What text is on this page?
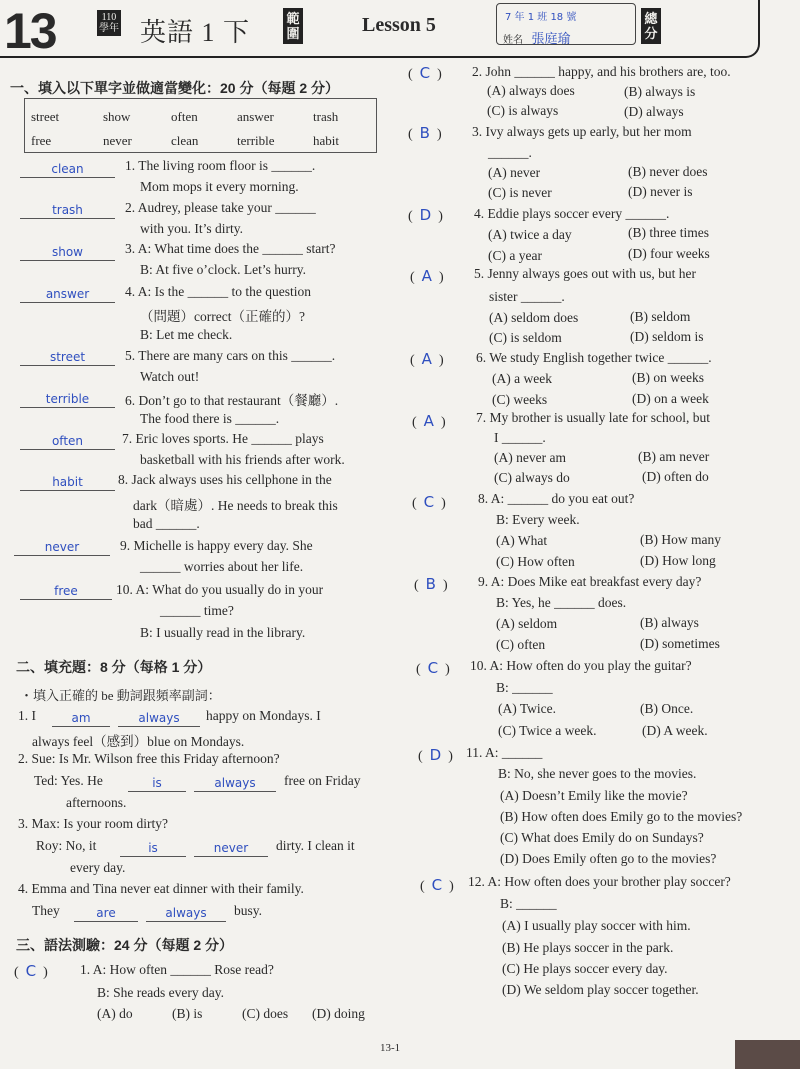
13	110學年 英語 1 下	範圍	Lesson 5	7 年 1 班 18 號
姓名 張庭瑜
總分
一、填入以下單字並做適當變化：20 分（每題 2 分）
street	show	often	answer	trash
free	never	clean	terrible	habit
clean	1. The living room floor is ______.
Mom mops it every morning.
trash	2. Audrey, please take your ______
with you. It’s dirty.
show	3. A: What time does the ______ start?
B: At five o’clock. Let’s hurry.
answer	4. A: Is the ______ to the question
（問題）correct（正確的）?
B: Let me check.
street	5. There are many cars on this ______.
Watch out!
terrible	6. Don’t go to that restaurant（餐廳）.
The food there is ______.
often	7. Eric loves sports. He ______ plays
basketball with his friends after work.
habit	8. Jack always uses his cellphone in the
dark（暗處）. He needs to break this
bad ______.
never	9. Michelle is happy every day. She
______ worries about her life.
free	10. A: What do you usually do in your
______ time?
B: I usually read in the library.
二、填充題：8 分（每格 1 分）
・填入正確的 be 動詞跟頻率副詞：
1. I	am	always	happy on Mondays. I
always feel（感到）blue on Mondays.
2. Sue: Is Mr. Wilson free this Friday afternoon?
Ted: Yes. He	is	always	free on Friday
afternoons.
3. Max: Is your room dirty?
Roy: No, it	is	never	dirty. I clean it
every day.
4. Emma and Tina never eat dinner with their family.
They	are	always	busy.
三、語法測驗：24 分（每題 2 分）
(  C  ) 1. A: How often ______ Rose read?
B: She reads every day.
(A) do	(B) is	(C) does (D) doing
(  C  ) 2. John ______ happy, and his brothers are, too.
(A) always does	(B) always is
(C) is always	(D) always
(  B  ) 3. Ivy always gets up early, but her mom
______.
(A) never	(B) never does
(C) is never	(D) never is
(  D  ) 4. Eddie plays soccer every ______.
(A) twice a day	(B) three times
(C) a year	(D) four weeks
(  A  ) 5. Jenny always goes out with us, but her
sister ______.
(A) seldom does	(B) seldom
(C) is seldom	(D) seldom is
(  A  ) 6. We study English together twice ______.
(A) a week	(B) on weeks
(C) weeks	(D) on a week
(  A  ) 7. My brother is usually late for school, but
I ______.
(A) never am	(B) am never
(C) always do	(D) often do
(  C  ) 8. A: ______ do you eat out?
B: Every week.
(A) What	(B) How many
(C) How often	(D) How long
(  B  ) 9. A: Does Mike eat breakfast every day?
B: Yes, he ______ does.
(A) seldom	(B) always
(C) often	(D) sometimes
(  C  ) 10. A: How often do you play the guitar?
B: ______
(A) Twice.	(B) Once.
(C) Twice a week.	(D) A week.
(  D  ) 11. A: ______
B: No, she never goes to the movies.
(A) Doesn’t Emily like the movie?
(B) How often does Emily go to the movies?
(C) What does Emily do on Sundays?
(D) Does Emily often go to the movies?
(  C  ) 12. A: How often does your brother play soccer?
B: ______
(A) I usually play soccer with him.
(B) He plays soccer in the park.
(C) He plays soccer every day.
(D) We seldom play soccer together.
13-1
